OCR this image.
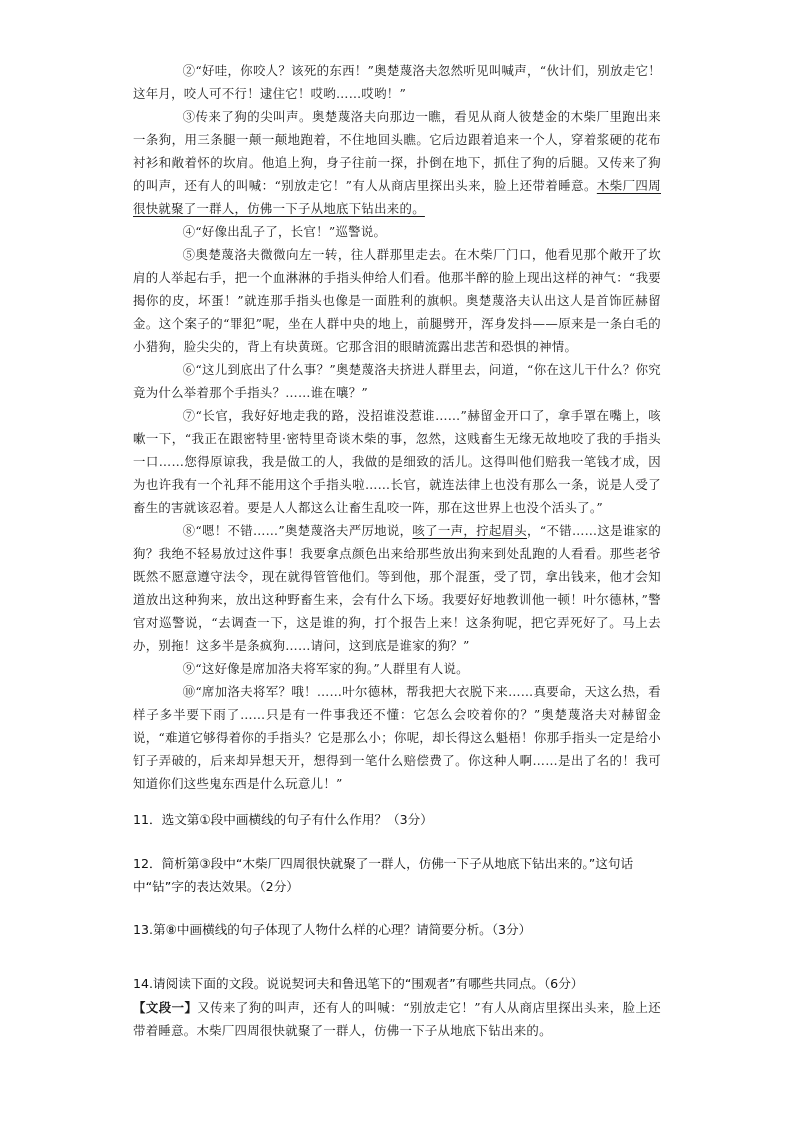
②“好哇，你咬人？该死的东西！”奥楚蔑洛夫忽然听见叫喊声，“伙计们，别放走它！这年月，咬人可不行！逮住它！哎哟……哎哟！”

③传来了狗的尖叫声。奥楚蔑洛夫向那边一瞧，看见从商人彼楚金的木柴厂里跑出来一条狗，用三条腿一颠一颠地跑着，不住地回头瞧。它后边跟着追来一个人，穿着浆硬的花布衬衫和敞着怀的坎肩。他追上狗，身子往前一探，扑倒在地下，抓住了狗的后腿。又传来了狗的叫声，还有人的叫喊：“别放走它！”有人从商店里探出头来，脸上还带着睡意。木柴厂四周很快就聚了一群人，仿佛一下子从地底下钻出来的。

④“好像出乱子了，长官！”巡警说。

⑤奥楚蔑洛夫微微向左一转，往人群那里走去。在木柴厂门口，他看见那个敞开了坎肩的人举起右手，把一个血淋淋的手指头伸给人们看。他那半醉的脸上现出这样的神气：“我要揭你的皮，坏蛋！”就连那手指头也像是一面胜利的旗帜。奥楚蔑洛夫认出这人是首饰匠赫留金。这个案子的“罪犯”呢，坐在人群中央的地上，前腿劈开，浑身发抖——原来是一条白毛的小猎狗，脸尖尖的，背上有块黄斑。它那含泪的眼睛流露出悲苦和恐惧的神情。

⑥“这儿到底出了什么事？”奥楚蔑洛夫挤进人群里去，问道，“你在这儿干什么？你究竟为什么举着那个手指头？……谁在嚷？”

⑦“长官，我好好地走我的路，没招谁没惹谁……”赫留金开口了，拿手罩在嘴上，咳嗽一下，“我正在跟密特里·密特里奇谈木柴的事，忽然，这贱畜生无缘无故地咬了我的手指头一口……您得原谅我，我是做工的人，我做的是细致的活儿。这得叫他们赔我一笔钱才成，因为也许我有一个礼拜不能用这个手指头啦……长官，就连法律上也没有那么一条，说是人受了畜生的害就该忍着。要是人人都这么让畜生乱咬一阵，那在这世界上也没个活头了。”

⑧“嗯！不错……”奥楚蔑洛夫严厉地说，咳了一声，拧起眉头，“不错……这是谁家的狗？我绝不轻易放过这件事！我要拿点颜色出来给那些放出狗来到处乱跑的人看看。那些老爷既然不愿意遵守法令，现在就得管管他们。等到他，那个混蛋，受了罚，拿出钱来，他才会知道放出这种狗来，放出这种野畜生来，会有什么下场。我要好好地教训他一顿！叶尔德林，”警官对巡警说，“去调查一下，这是谁的狗，打个报告上来！这条狗呢，把它弄死好了。马上去办，别拖！这多半是条疯狗……请问，这到底是谁家的狗？”

⑨“这好像是席加洛夫将军家的狗。”人群里有人说。

⑩“席加洛夫将军？哦！……叶尔德林，帮我把大衣脱下来……真要命，天这么热，看样子多半要下雨了……只是有一件事我还不懂：它怎么会咬着你的？”奥楚蔑洛夫对赫留金说，“难道它够得着你的手指头？它是那么小；你呢，却长得这么魁梧！你那手指头一定是给小钉子弄破的，后来却异想天开，想得到一笔什么赔偿费了。你这种人啊……是出了名的！我可知道你们这些鬼东西是什么玩意儿！”

11．选文第①段中画横线的句子有什么作用？（3分）

12．简析第③段中“木柴厂四周很快就聚了一群人，仿佛一下子从地底下钻出来的。”这句话中“钻”字的表达效果。（2分）

13.第⑧中画横线的句子体现了人物什么样的心理？请简要分析。（3分）

14.请阅读下面的文段。说说契诃夫和鲁迅笔下的“围观者”有哪些共同点。（6分）

【文段一】又传来了狗的叫声，还有人的叫喊：“别放走它！”有人从商店里探出头来，脸上还带着睡意。木柴厂四周很快就聚了一群人，仿佛一下子从地底下钻出来的。
